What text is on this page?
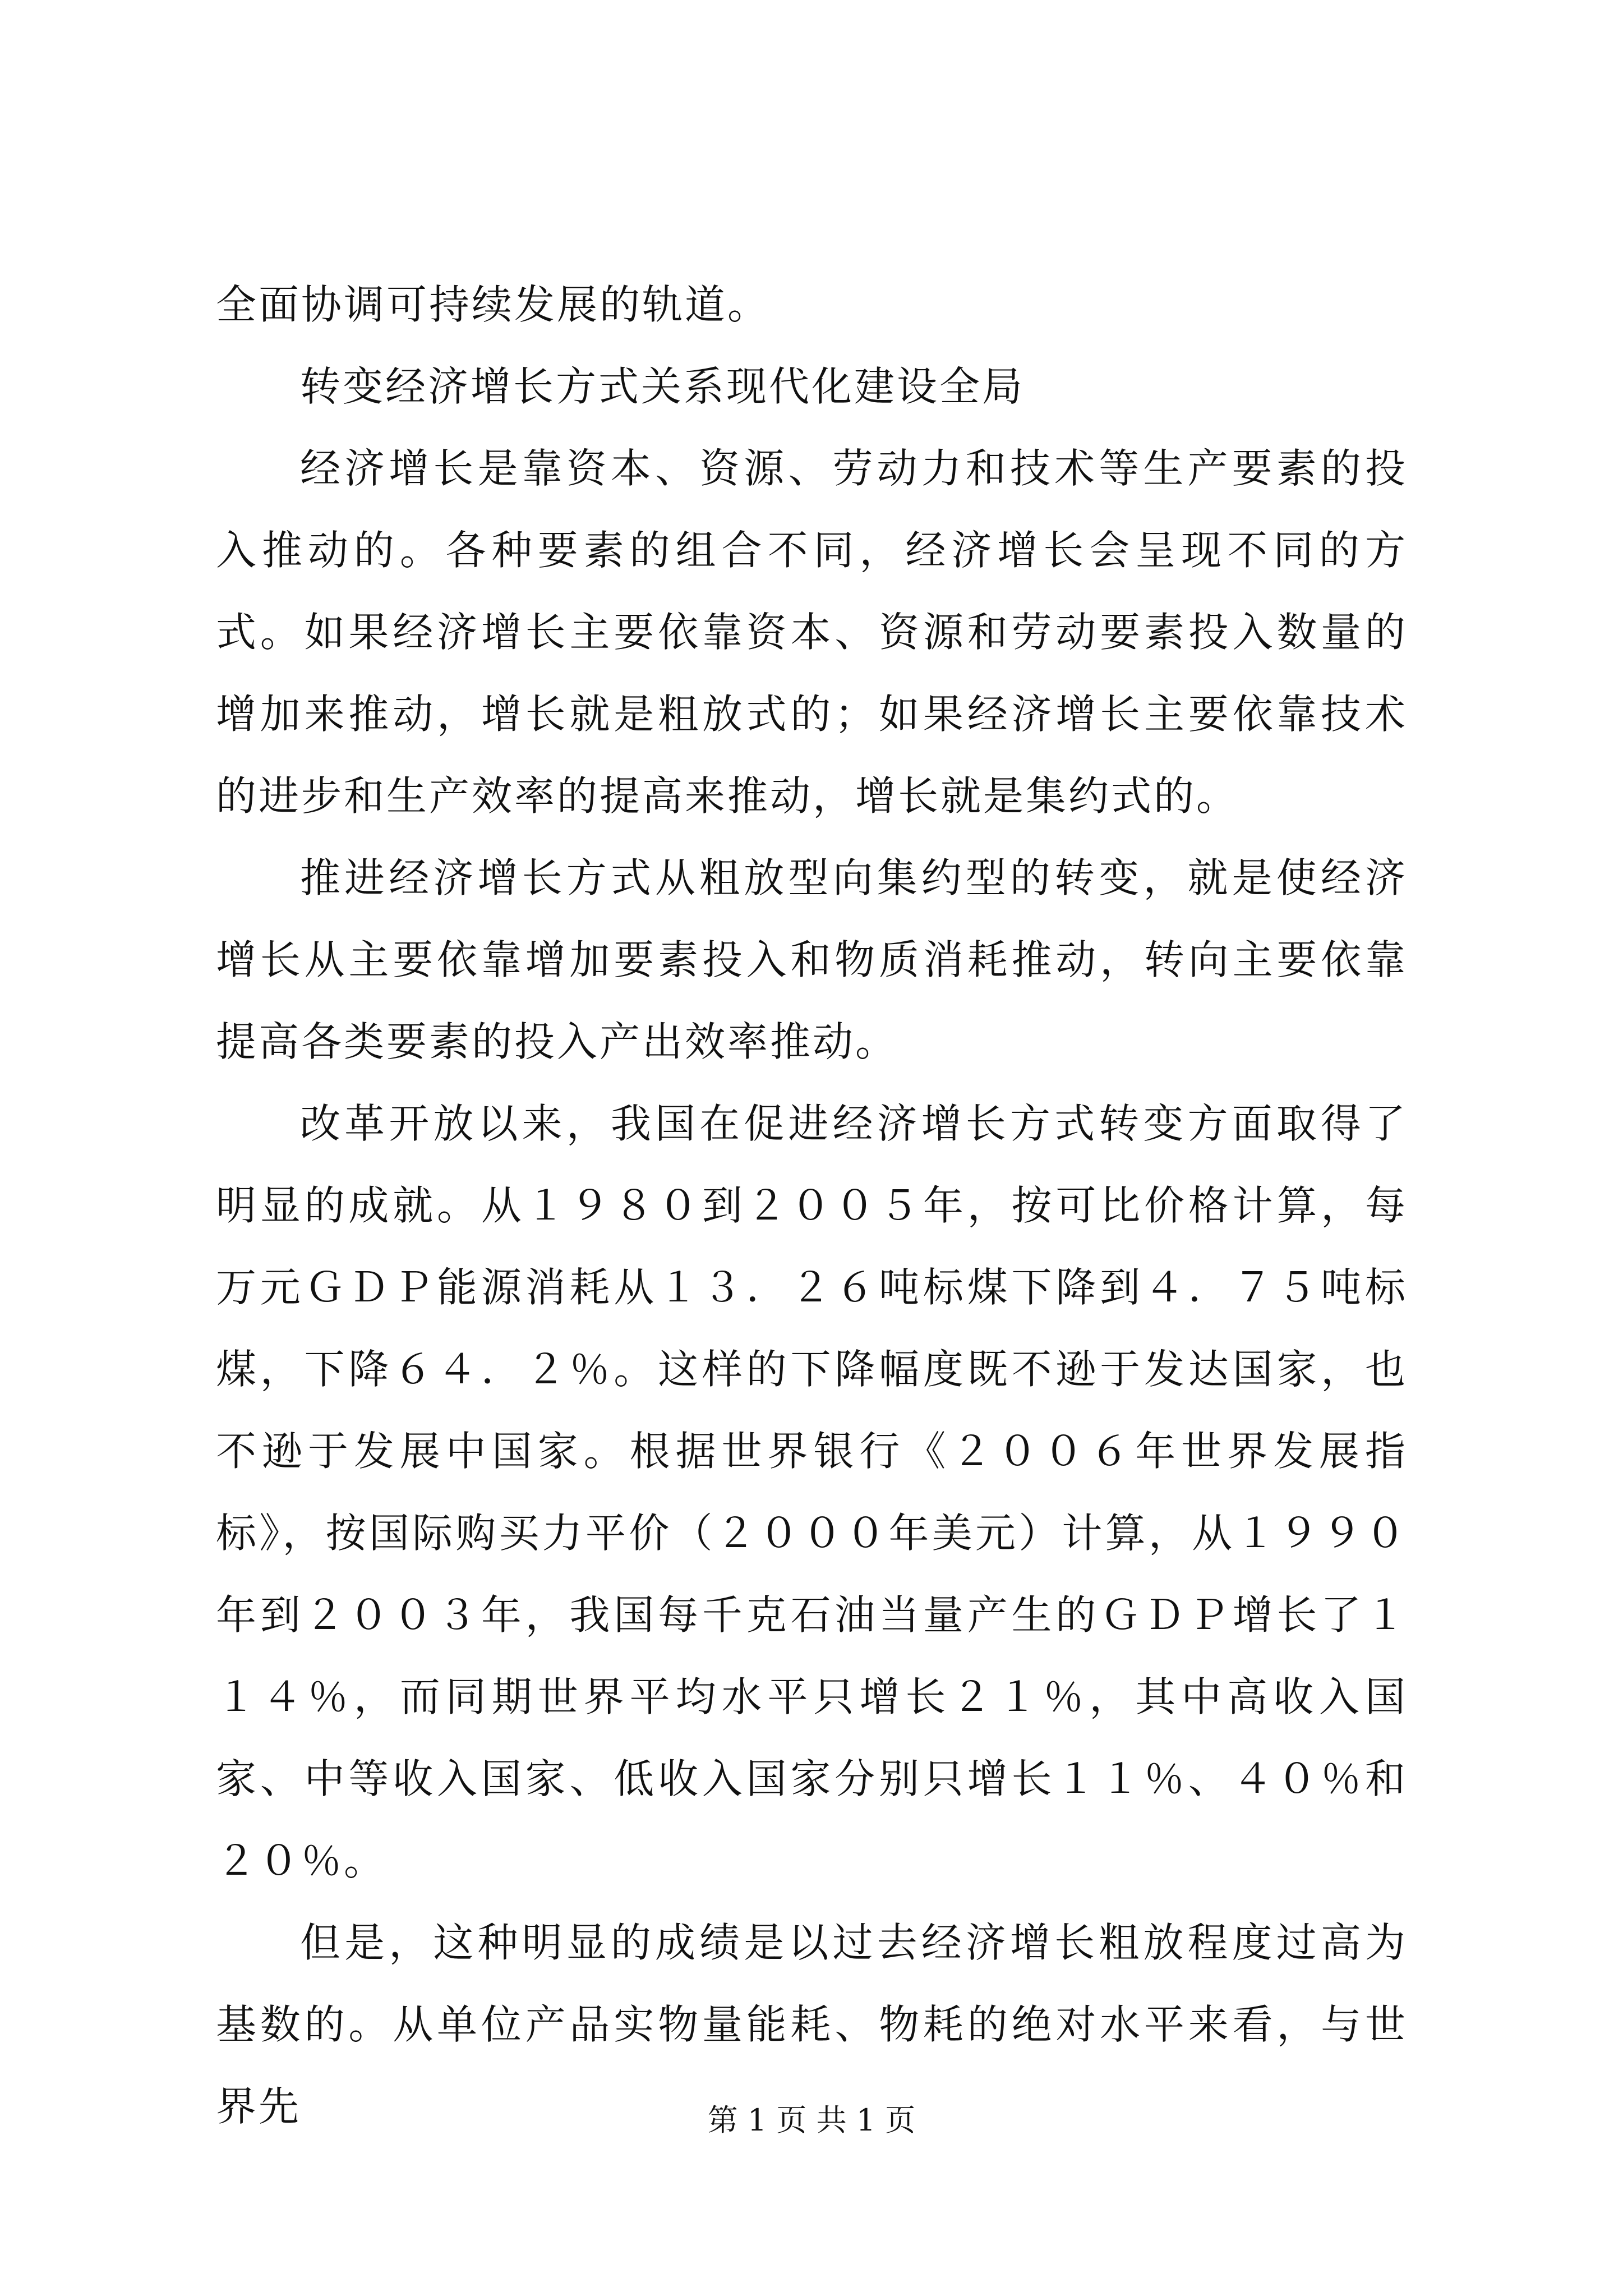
全面协调可持续发展的轨道。

转变经济增长方式关系现代化建设全局

经济增长是靠资本、资源、劳动力和技术等生产要素的投入推动的。各种要素的组合不同，经济增长会呈现不同的方式。如果经济增长主要依靠资本、资源和劳动要素投入数量的增加来推动，增长就是粗放式的；如果经济增长主要依靠技术的进步和生产效率的提高来推动，增长就是集约式的。

推进经济增长方式从粗放型向集约型的转变，就是使经济增长从主要依靠增加要素投入和物质消耗推动，转向主要依靠提高各类要素的投入产出效率推动。

改革开放以来，我国在促进经济增长方式转变方面取得了明显的成就。从１９８０到２００５年，按可比价格计算，每万元ＧＤＰ能源消耗从１３．２６吨标煤下降到４．７５吨标煤，下降６４．２％。这样的下降幅度既不逊于发达国家，也不逊于发展中国家。根据世界银行《２００６年世界发展指标》，按国际购买力平价（２０００年美元）计算，从１９９０年到２００３年，我国每千克石油当量产生的ＧＤＰ增长了１１４％，而同期世界平均水平只增长２１％，其中高收入国家、中等收入国家、低收入国家分别只增长１１％、４０％和２０％。

但是，这种明显的成绩是以过去经济增长粗放程度过高为基数的。从单位产品实物量能耗、物耗的绝对水平来看，与世界先	第 1 页 共 1 页
